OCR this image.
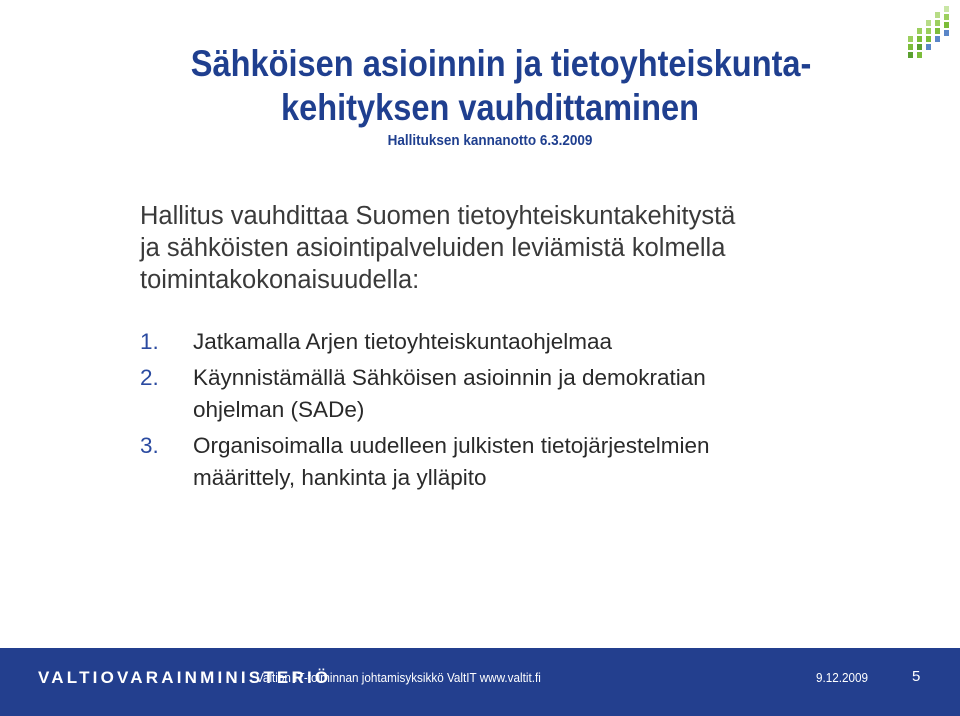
Sähköisen asioinnin ja tietoyhteiskunta-
kehityksen vauhdittaminen
Hallituksen kannanotto 6.3.2009
Hallitus vauhdittaa Suomen tietoyhteiskuntakehitystä
ja sähköisten asiointipalveluiden leviämistä kolmella
toimintakokonaisuudella:
1. Jatkamalla Arjen tietoyhteiskuntaohjelmaa
2. Käynnistämällä Sähköisen asioinnin ja demokratian
ohjelman (SADe)
3. Organisoimalla uudelleen julkisten tietojärjestelmien
määrittely, hankinta ja ylläpito
VALTIOVARAINMINISTERIÖ
Valtion IT-toiminnan johtamisyksikkö ValtIT www.valtit.fi	9.12.2009	5
